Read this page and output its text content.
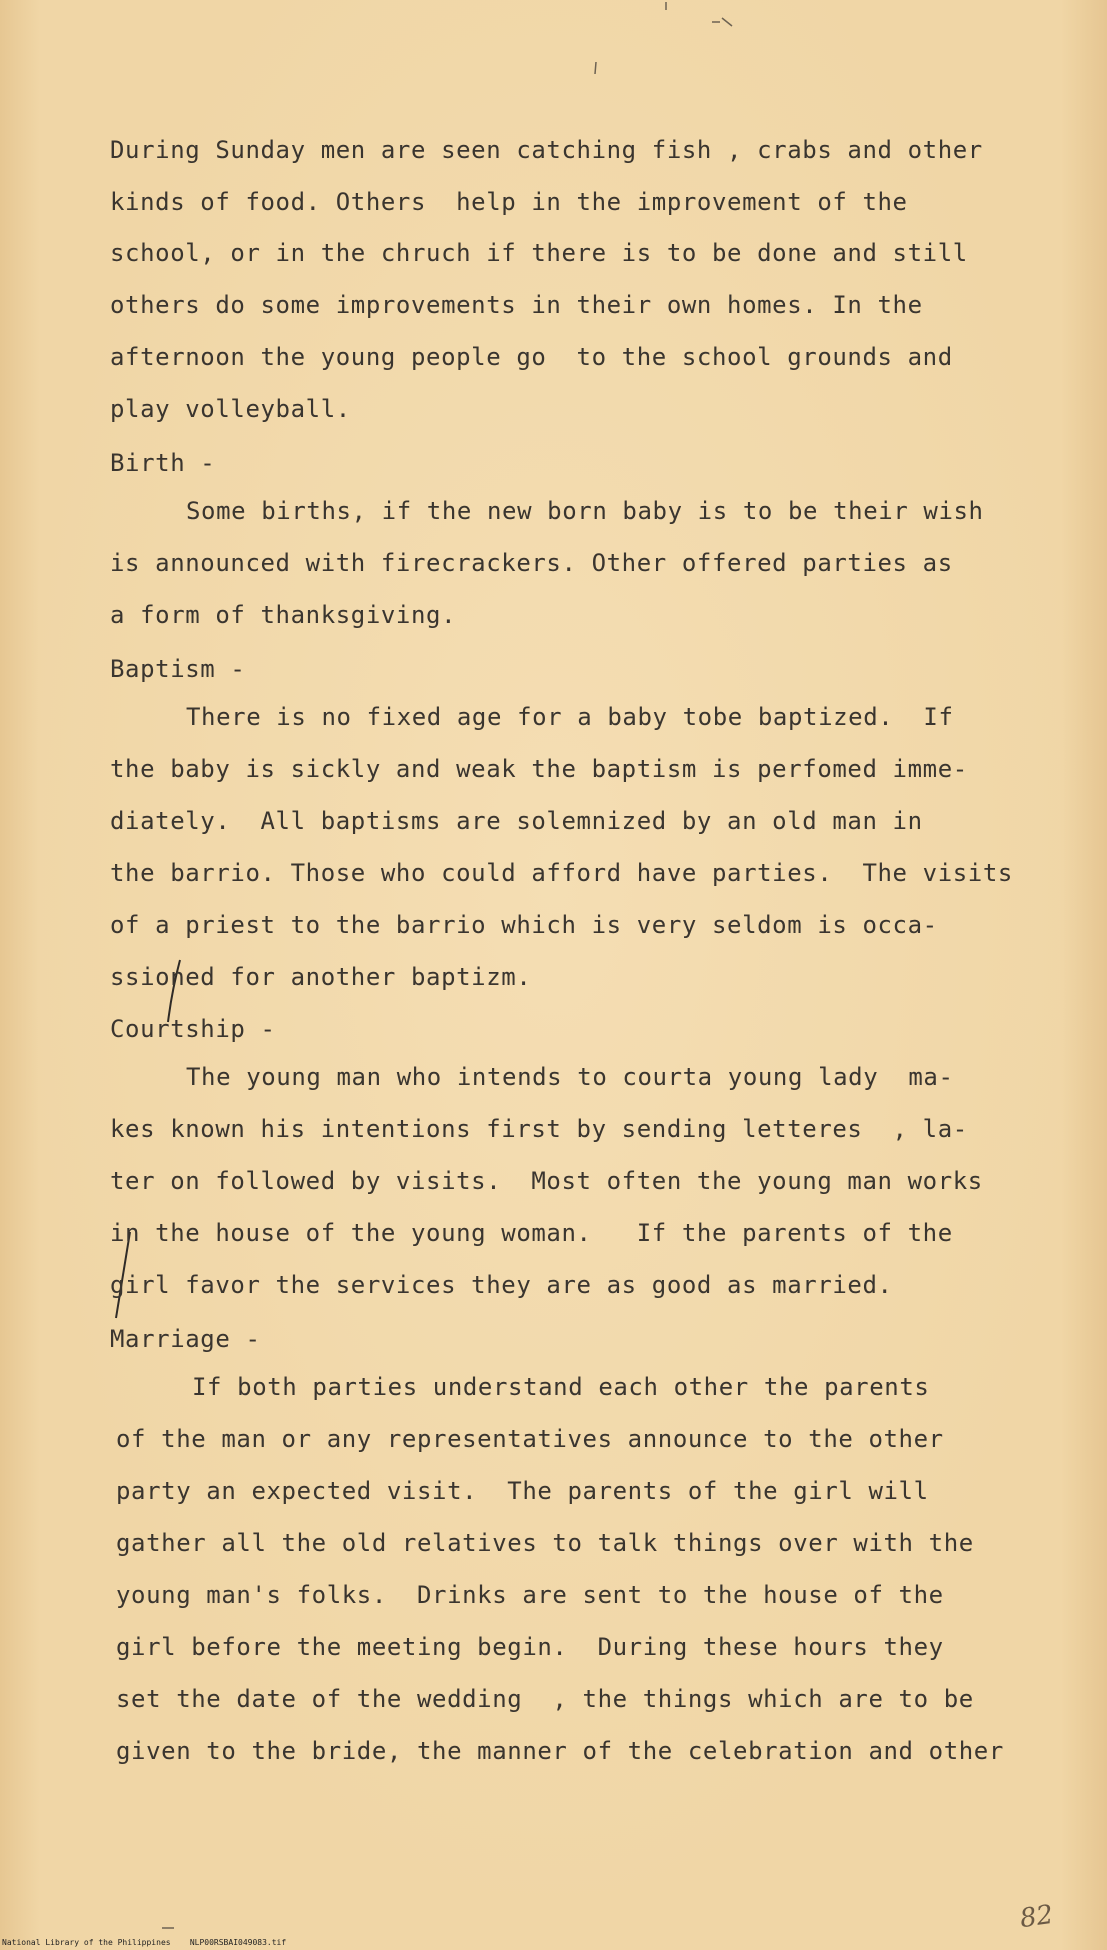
During Sunday men are seen catching fish , crabs and other
kinds of food. Others  help in the improvement of the
school, or in the chruch if there is to be done and still
others do some improvements in their own homes. In the
afternoon the young people go  to the school grounds and
play volleyball.
Birth -
Some births, if the new born baby is to be their wish
is announced with firecrackers. Other offered parties as
a form of thanksgiving.
Baptism -
There is no fixed age for a baby tobe baptized.  If
the baby is sickly and weak the baptism is perfomed imme-
diately.  All baptisms are solemnized by an old man in
the barrio. Those who could afford have parties.  The visits
of a priest to the barrio which is very seldom is occa-
ssioned for another baptizm.
Courtship -
The young man who intends to courta young lady  ma-
kes known his intentions first by sending letteres  , la-
ter on followed by visits.  Most often the young man works
in the house of the young woman.   If the parents of the
girl favor the services they are as good as married.
Marriage -
If both parties understand each other the parents
of the man or any representatives announce to the other
party an expected visit.  The parents of the girl will
gather all the old relatives to talk things over with the
young man's folks.  Drinks are sent to the house of the
girl before the meeting begin.  During these hours they
set the date of the wedding  , the things which are to be
given to the bride, the manner of the celebration and other
82
National Library of the Philippines    NLP00RSBAI049083.tif
